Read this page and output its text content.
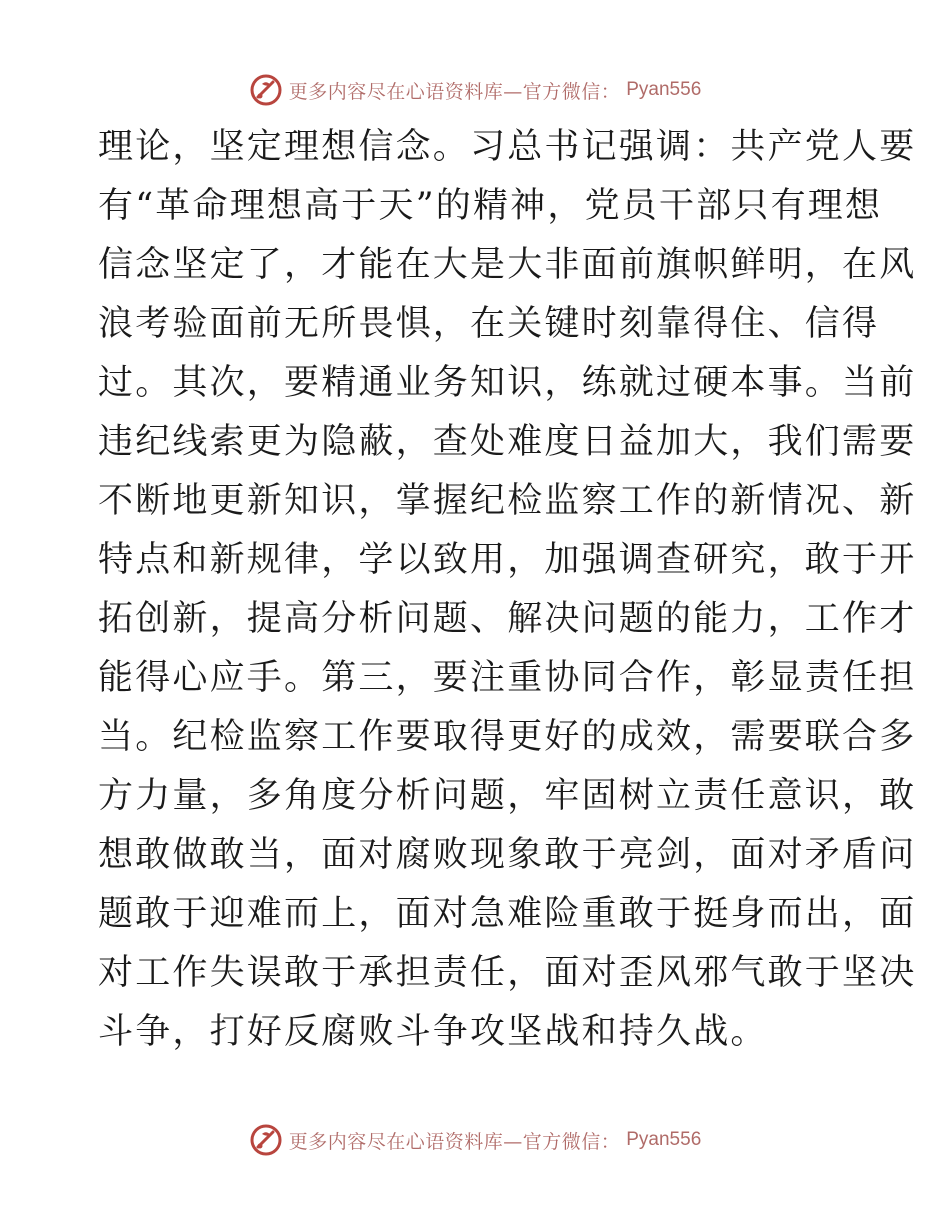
更多内容尽在心语资料库—官方微信： Pyan556
理论，坚定理想信念。习总书记强调：共产党人要
有“革命理想高于天”的精神，党员干部只有理想
信念坚定了，才能在大是大非面前旗帜鲜明，在风
浪考验面前无所畏惧，在关键时刻靠得住、信得
过。其次，要精通业务知识，练就过硬本事。当前
违纪线索更为隐蔽，查处难度日益加大，我们需要
不断地更新知识，掌握纪检监察工作的新情况、新
特点和新规律，学以致用，加强调查研究，敢于开
拓创新，提高分析问题、解决问题的能力，工作才
能得心应手。第三，要注重协同合作，彰显责任担
当。纪检监察工作要取得更好的成效，需要联合多
方力量，多角度分析问题，牢固树立责任意识，敢
想敢做敢当，面对腐败现象敢于亮剑，面对矛盾问
题敢于迎难而上，面对急难险重敢于挺身而出，面
对工作失误敢于承担责任，面对歪风邪气敢于坚决
斗争，打好反腐败斗争攻坚战和持久战。
更多内容尽在心语资料库—官方微信： Pyan556
